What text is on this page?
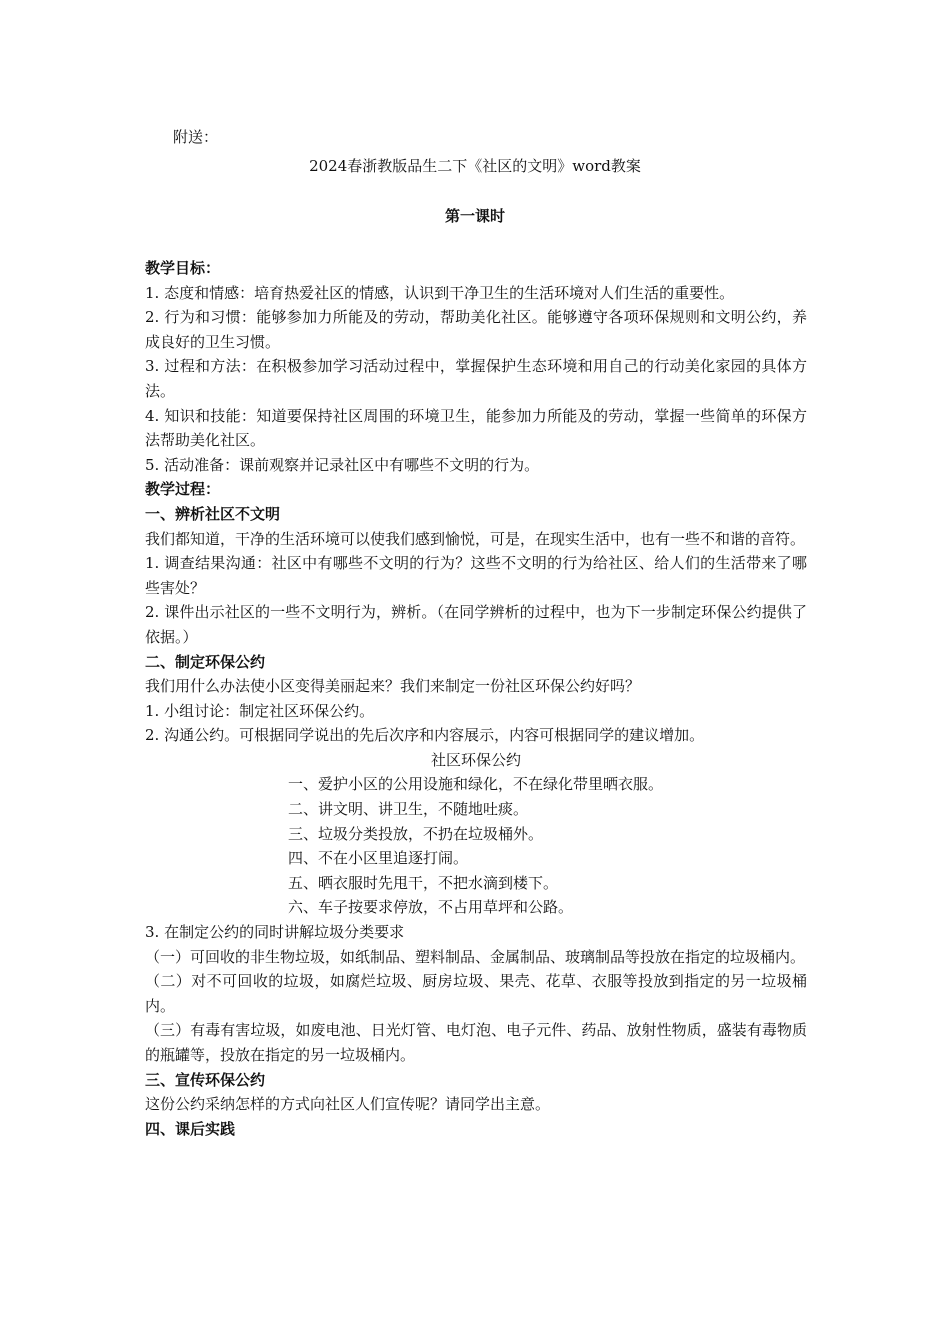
附送：
2024春浙教版品生二下《社区的文明》word教案
第一课时

教学目标：

1. 态度和情感：培育热爱社区的情感，认识到干净卫生的生活环境对人们生活的重要性。

2. 行为和习惯：能够参加力所能及的劳动，帮助美化社区。能够遵守各项环保规则和文明公约，养成良好的卫生习惯。

3. 过程和方法：在积极参加学习活动过程中，掌握保护生态环境和用自己的行动美化家园的具体方法。

4. 知识和技能：知道要保持社区周围的环境卫生，能参加力所能及的劳动，掌握一些简单的环保方法帮助美化社区。

5. 活动准备：课前观察并记录社区中有哪些不文明的行为。

教学过程：

一、辨析社区不文明

我们都知道，干净的生活环境可以使我们感到愉悦，可是，在现实生活中，也有一些不和谐的音符。

1. 调查结果沟通：社区中有哪些不文明的行为？这些不文明的行为给社区、给人们的生活带来了哪些害处？

2. 课件出示社区的一些不文明行为，辨析。（在同学辨析的过程中，也为下一步制定环保公约提供了依据。）

二、制定环保公约

我们用什么办法使小区变得美丽起来？我们来制定一份社区环保公约好吗？

1. 小组讨论：制定社区环保公约。

2. 沟通公约。可根据同学说出的先后次序和内容展示，内容可根据同学的建议增加。

社区环保公约

一、爱护小区的公用设施和绿化，不在绿化带里晒衣服。

二、讲文明、讲卫生，不随地吐痰。

三、垃圾分类投放，不扔在垃圾桶外。

四、不在小区里追逐打闹。

五、晒衣服时先甩干，不把水滴到楼下。

六、车子按要求停放，不占用草坪和公路。

3. 在制定公约的同时讲解垃圾分类要求

（一）可回收的非生物垃圾，如纸制品、塑料制品、金属制品、玻璃制品等投放在指定的垃圾桶内。

（二）对不可回收的垃圾，如腐烂垃圾、厨房垃圾、果壳、花草、衣服等投放到指定的另一垃圾桶内。

（三）有毒有害垃圾，如废电池、日光灯管、电灯泡、电子元件、药品、放射性物质，盛装有毒物质的瓶罐等，投放在指定的另一垃圾桶内。

三、宣传环保公约

这份公约采纳怎样的方式向社区人们宣传呢？请同学出主意。

四、课后实践
